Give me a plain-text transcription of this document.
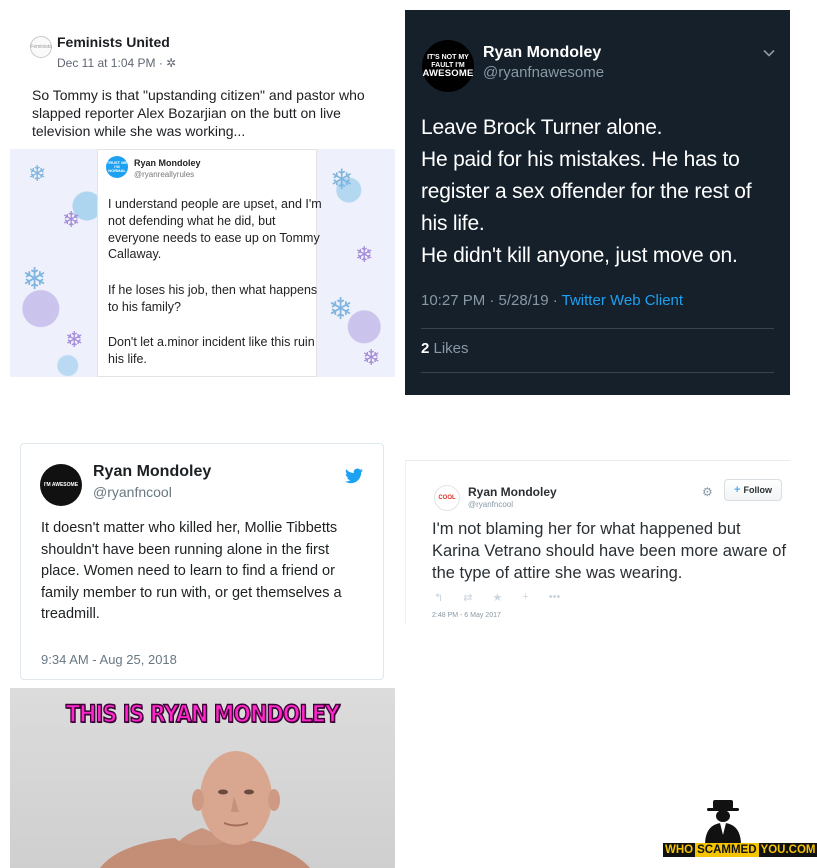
Feminists Feminists United
Dec 11 at 1:04 PM · ✲
So Tommy is that "upstanding citizen" and pastor who slapped reporter Alex Bozarjian on the butt on live television while she was working...
❄
❄
❄
❄
❄
❄
❄
❄
TRUST ME I'M NORMAL
Ryan Mondoley
@ryanreallyrules
I understand people are upset, and I'm not defending what he did, but everyone needs to ease up on Tommy Callaway.
If he loses his job, then what happens to his family?
Don't let a.minor incident like this ruin his life.
IT'S NOT MY
FAULT I'M
AWESOME
Ryan Mondoley
@ryanfnawesome
Leave Brock Turner alone.
He paid for his mistakes. He has to
register a sex offender for the rest of
his life.
He didn't kill anyone, just move on.
10:27 PM · 5/28/19 · Twitter Web Client
2 Likes
I'M AWESOME
Ryan Mondoley
@ryanfncool
It doesn't matter who killed her, Mollie Tibbetts shouldn't have been running alone in the first place. Women need to learn to find a friend or family member to run with, or get themselves a treadmill.
9:34 AM - Aug 25, 2018
COOL	Ryan Mondoley
@ryanfncool
⚙ + Follow
I'm not blaming her for what happened but Karina Vetrano should have been more aware of the type of attire she was wearing.
↰ ⇄ ★ + •••
2:48 PM - 6 May 2017
THIS IS RYAN MONDOLEY
WHO SCAMMED YOU.COM
